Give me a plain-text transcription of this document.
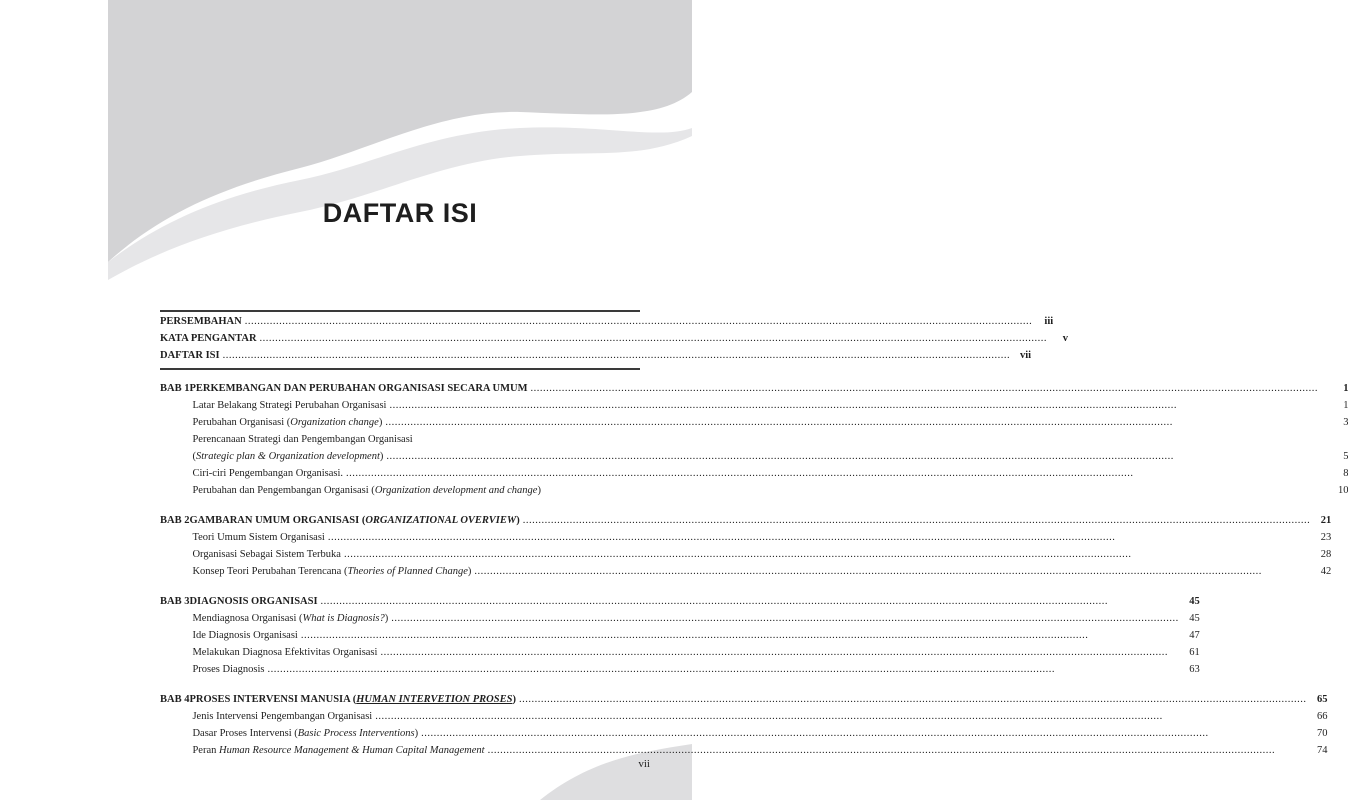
DAFTAR ISI
PERSEMBAHAN .....	iii
KATA PENGANTAR .....	v
DAFTAR ISI .....	vii
BAB 1 PERKEMBANGAN DAN PERUBAHAN ORGANISASI SECARA UMUM .....	1
Latar Belakang Strategi Perubahan Organisasi .....	1
Perubahan Organisasi (Organization change) .....	3
Perencanaan Strategi dan Pengembangan Organisasi
(Strategic plan & Organization development) .....	5
Ciri-ciri Pengembangan Organisasi. .....	8
Perubahan dan Pengembangan Organisasi (Organization development and change)	10
BAB 2 GAMBARAN UMUM ORGANISASI (ORGANIZATIONAL OVERVIEW) .....	21
Teori Umum Sistem Organisasi .....	23
Organisasi Sebagai Sistem Terbuka .....	28
Konsep Teori Perubahan Terencana (Theories of Planned Change) .....	42
BAB 3 DIAGNOSIS ORGANISASI .....	45
Mendiagnosa Organisasi (What is Diagnosis?) .....	45
Ide Diagnosis Organisasi .....	47
Melakukan Diagnosa Efektivitas Organisasi .....	61
Proses Diagnosis .....	63
BAB 4 PROSES INTERVENSI MANUSIA (HUMAN INTERVETION PROSES) .....	65
Jenis Intervensi Pengembangan Organisasi .....	66
Dasar Proses Intervensi (Basic Process Interventions) .....	70
Peran Human Resource Management & Human Capital Management .....	74
vii
